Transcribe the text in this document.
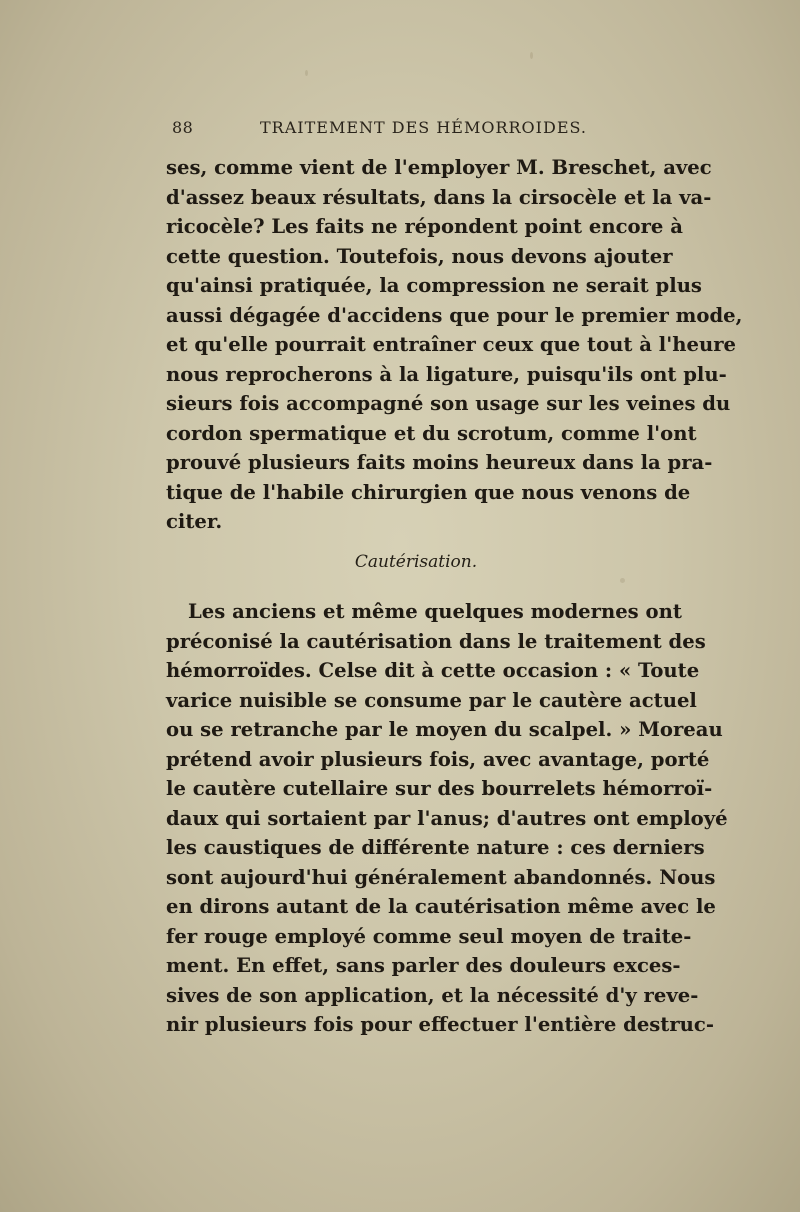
88	TRAITEMENT DES HÉMORROIDES.
ses, comme vient de l'employer M. Breschet, avec
d'assez beaux résultats, dans la cirsocèle et la va-
ricocèle? Les faits ne répondent point encore à
cette question. Toutefois, nous devons ajouter
qu'ainsi pratiquée, la compression ne serait plus
aussi dégagée d'accidens que pour le premier mode,
et qu'elle pourrait entraîner ceux que tout à l'heure
nous reprocherons à la ligature, puisqu'ils ont plu-
sieurs fois accompagné son usage sur les veines du
cordon spermatique et du scrotum, comme l'ont
prouvé plusieurs faits moins heureux dans la pra-
tique de l'habile chirurgien que nous venons de
citer.
Cautérisation.
Les anciens et même quelques modernes ont
préconisé la cautérisation dans le traitement des
hémorroïdes. Celse dit à cette occasion : « Toute
varice nuisible se consume par le cautère actuel
ou se retranche par le moyen du scalpel. » Moreau
prétend avoir plusieurs fois, avec avantage, porté
le cautère cutellaire sur des bourrelets hémorroï-
daux qui sortaient par l'anus; d'autres ont employé
les caustiques de différente nature : ces derniers
sont aujourd'hui généralement abandonnés. Nous
en dirons autant de la cautérisation même avec le
fer rouge employé comme seul moyen de traite-
ment. En effet, sans parler des douleurs exces-
sives de son application, et la nécessité d'y reve-
nir plusieurs fois pour effectuer l'entière destruc-
